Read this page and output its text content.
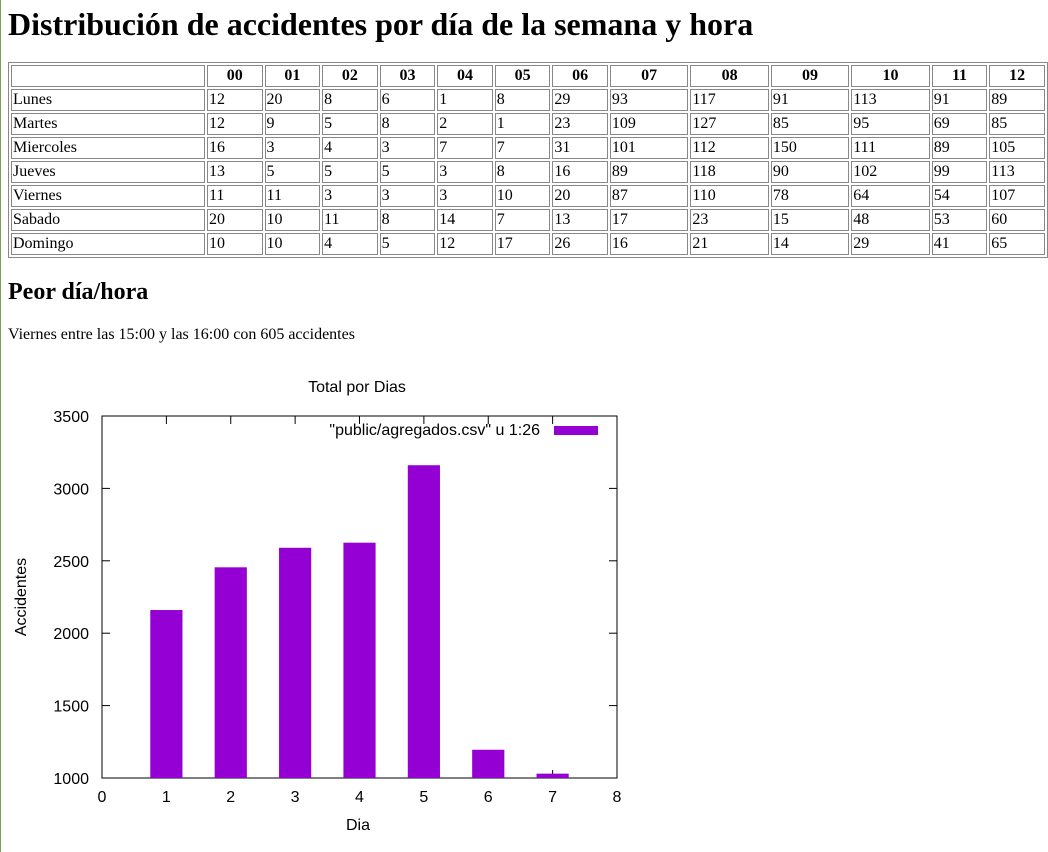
Distribución de accidentes por día de la semana y hora
	00	01	02	03	04	05	06	07	08	09	10	11	12
Lunes	12	20	8	6	1	8	29	93	117	91	113	91	89
Martes	12	9	5	8	2	1	23	109	127	85	95	69	85
Miercoles	16	3	4	3	7	7	31	101	112	150	111	89	105
Jueves	13	5	5	5	3	8	16	89	118	90	102	99	113
Viernes	11	11	3	3	3	10	20	87	110	78	64	54	107
Sabado	20	10	11	8	14	7	13	17	23	15	48	53	60
Domingo	10	10	4	5	12	17	26	16	21	14	29	41	65
Peor día/hora

Viernes entre las 15:00 y las 16:00 con 605 accidentes

Total por Dias
1000
1500
2000
2500
3000
3500
0	1	2	3	4	5	6	7	8
Accidentes
Dia
"public/agregados.csv" u 1:26
